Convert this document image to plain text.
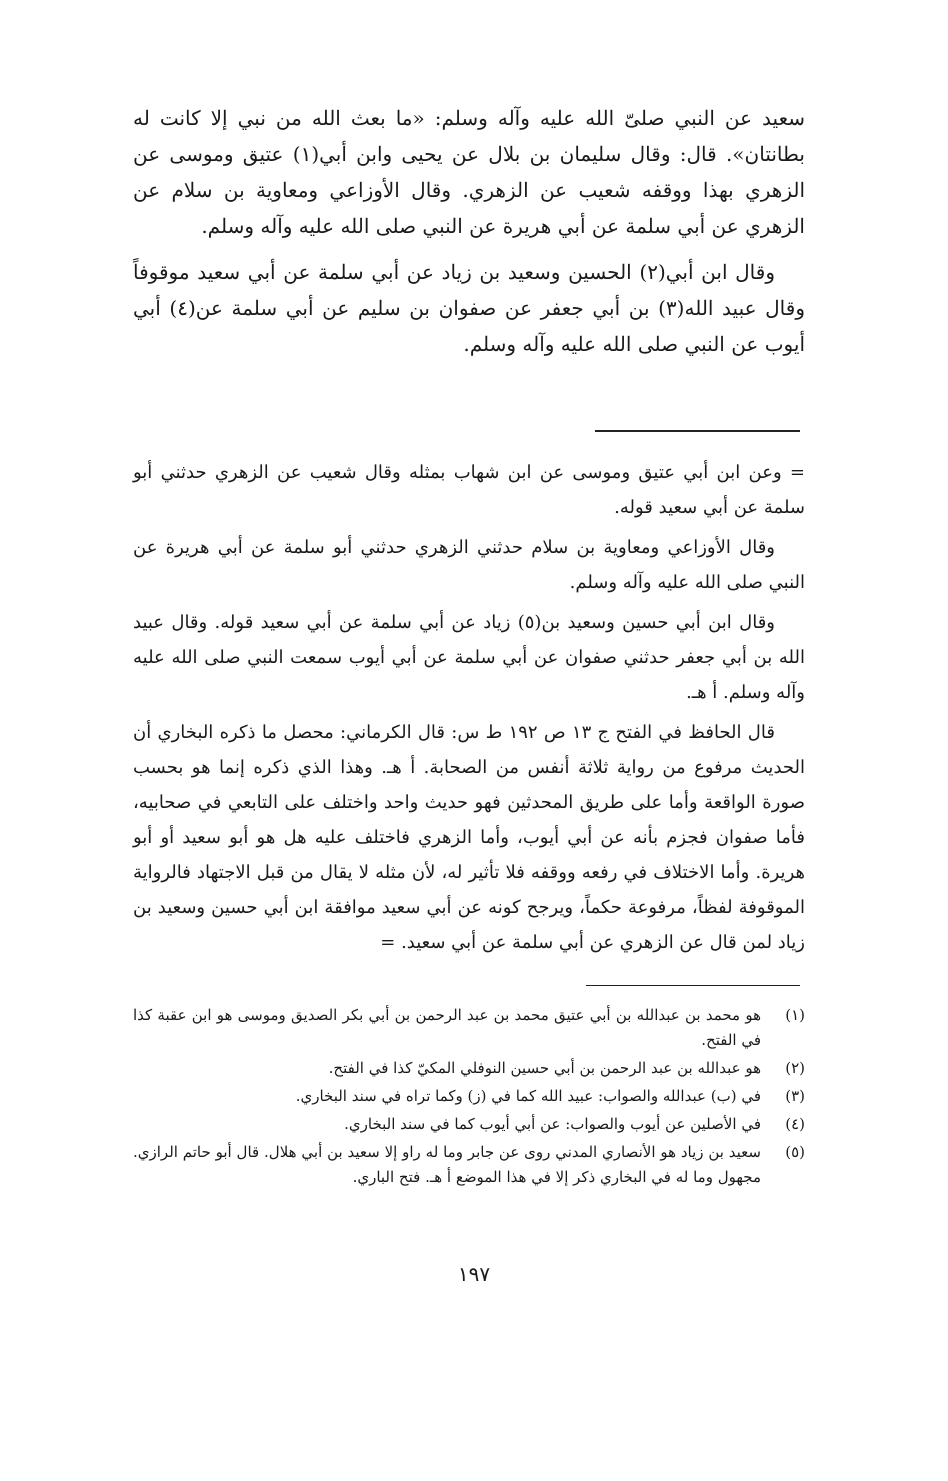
سعيد عن النبي صلىّ الله عليه وآله وسلم: «ما بعث الله من نبي إلا كانت له بطانتان». قال: وقال سليمان بن بلال عن يحيى وابن أبي(١) عتيق وموسى عن الزهري بهذا ووقفه شعيب عن الزهري. وقال الأوزاعي ومعاوية بن سلام عن الزهري عن أبي سلمة عن أبي هريرة عن النبي صلى الله عليه وآله وسلم.

وقال ابن أبي(٢) الحسين وسعيد بن زياد عن أبي سلمة عن أبي سعيد موقوفاً وقال عبيد الله(٣) بن أبي جعفر عن صفوان بن سليم عن أبي سلمة عن(٤) أبي أيوب عن النبي صلى الله عليه وآله وسلم.

= وعن ابن أبي عتيق وموسى عن ابن شهاب بمثله وقال شعيب عن الزهري حدثني أبو سلمة عن أبي سعيد قوله.

وقال الأوزاعي ومعاوية بن سلام حدثني الزهري حدثني أبو سلمة عن أبي هريرة عن النبي صلى الله عليه وآله وسلم.

وقال ابن أبي حسين وسعيد بن(٥) زياد عن أبي سلمة عن أبي سعيد قوله. وقال عبيد الله بن أبي جعفر حدثني صفوان عن أبي سلمة عن أبي أيوب سمعت النبي صلى الله عليه وآله وسلم. أ هـ.

قال الحافظ في الفتح ج ١٣ ص ١٩٢ ط س: قال الكرماني: محصل ما ذكره البخاري أن الحديث مرفوع من رواية ثلاثة أنفس من الصحابة. أ هـ. وهذا الذي ذكره إنما هو بحسب صورة الواقعة وأما على طريق المحدثين فهو حديث واحد واختلف على التابعي في صحابيه، فأما صفوان فجزم بأنه عن أبي أيوب، وأما الزهري فاختلف عليه هل هو أبو سعيد أو أبو هريرة. وأما الاختلاف في رفعه ووقفه فلا تأثير له، لأن مثله لا يقال من قبل الاجتهاد فالرواية الموقوفة لفظاً، مرفوعة حكماً، ويرجح كونه عن أبي سعيد موافقة ابن أبي حسين وسعيد بن زياد لمن قال عن الزهري عن أبي سلمة عن أبي سعيد. =

(١)
هو محمد بن عبدالله بن أبي عتيق محمد بن عبد الرحمن بن أبي بكر الصديق وموسى هو ابن عقبة كذا في الفتح.
(٢)
هو عبدالله بن عبد الرحمن بن أبي حسين النوفلي المكيّ كذا في الفتح.
(٣)
في (ب) عبدالله والصواب: عبيد الله كما في (ز) وكما تراه في سند البخاري.
(٤)
في الأصلين عن أيوب والصواب: عن أبي أيوب كما في سند البخاري.
(٥)
سعيد بن زياد هو الأنصاري المدني روى عن جابر وما له راو إلا سعيد بن أبي هلال. قال أبو حاتم الرازي. مجهول وما له في البخاري ذكر إلا في هذا الموضع أ هـ. فتح الباري.
١٩٧
